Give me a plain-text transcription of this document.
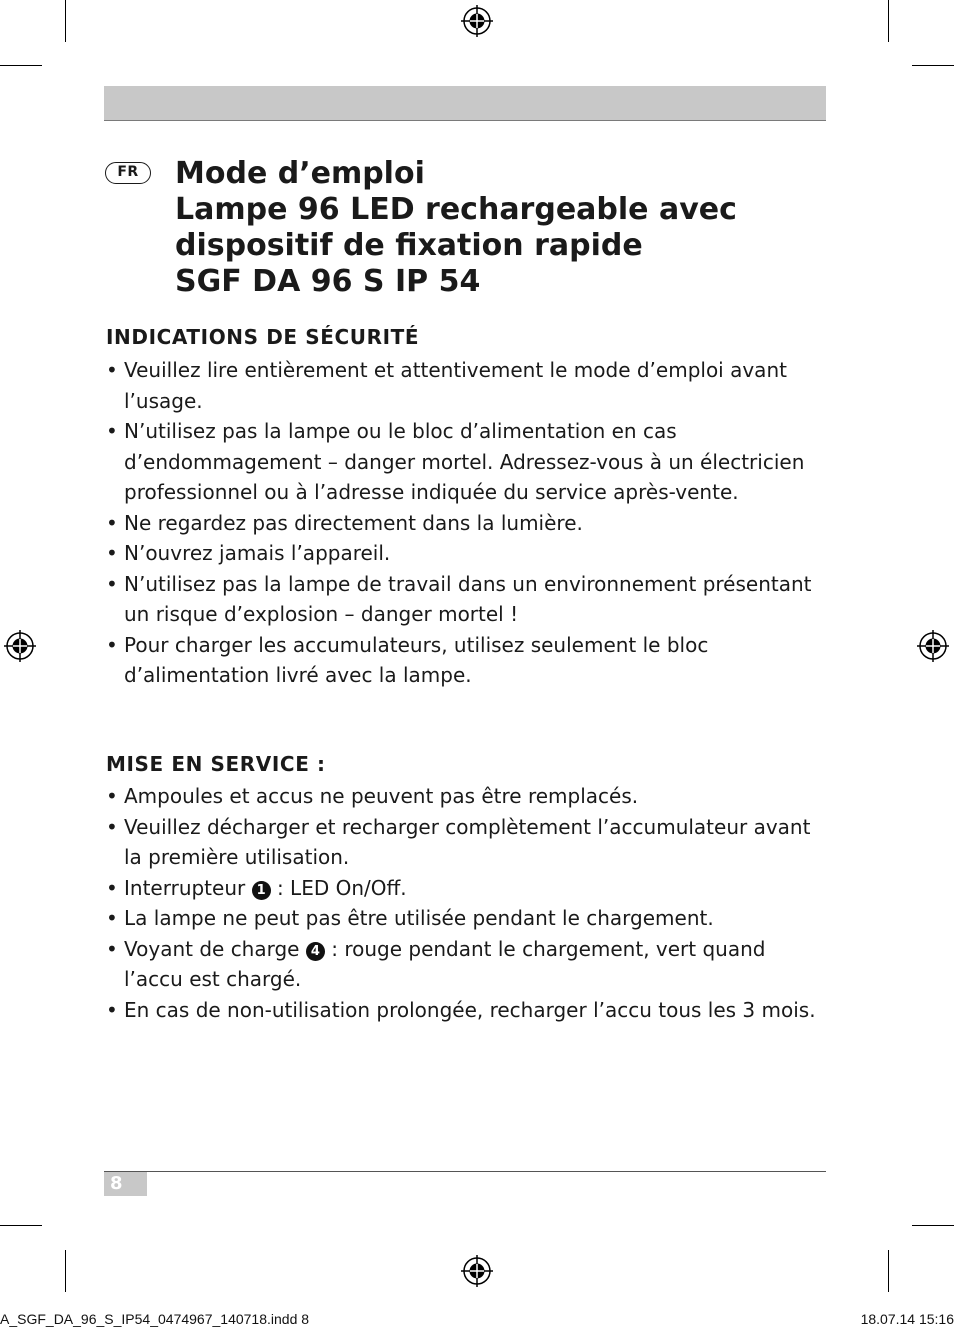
FR	Mode d’emploi
Lampe 96 LED rechargeable avec
dispositif de fixation rapide
SGF DA 96 S IP 54
INDICATIONS DE SÉCURITÉ
• Veuillez lire entièrement et attentivement le mode d’emploi avant l’usage.
• N’utilisez pas la lampe ou le bloc d’alimentation en cas d’endommagement – danger mortel. Adressez-vous à un électricien professionnel ou à l’adresse indiquée du service après-vente.
• Ne regardez pas directement dans la lumière.
• N’ouvrez jamais l’appareil.
• N’utilisez pas la lampe de travail dans un environnement présentant un risque d’explosion – danger mortel !
• Pour charger les accumulateurs, utilisez seulement le bloc d’alimentation livré avec la lampe.
MISE EN SERVICE :
• Ampoules et accus ne peuvent pas être remplacés.
• Veuillez décharger et recharger complètement l’accumulateur avant la première utilisation.
• Interrupteur 1 : LED On/Off.
• La lampe ne peut pas être utilisée pendant le chargement.
• Voyant de charge 4 : rouge pendant le chargement, vert quand l’accu est chargé.
• En cas de non-utilisation prolongée, recharger l’accu tous les 3 mois.
8
A_SGF_DA_96_S_IP54_0474967_140718.indd 8	18.07.14 15:16
